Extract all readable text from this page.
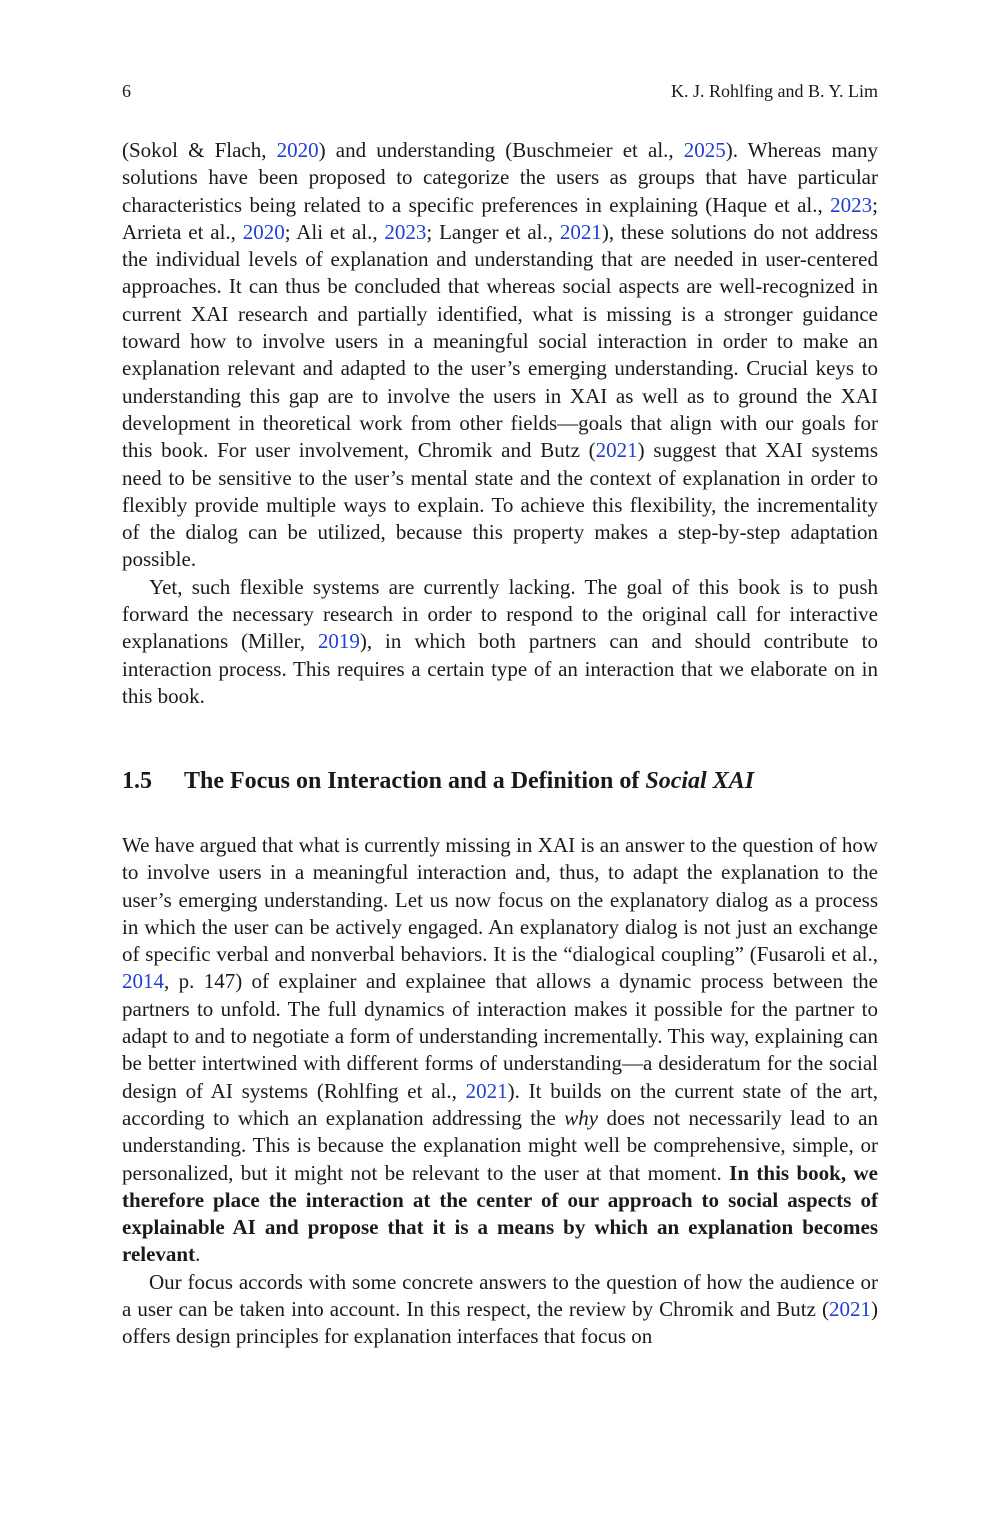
6	K. J. Rohlfing and B. Y. Lim

(Sokol & Flach, 2020) and understanding (Buschmeier et al., 2025). Whereas many solutions have been proposed to categorize the users as groups that have particular characteristics being related to a specific preferences in explaining (Haque et al., 2023; Arrieta et al., 2020; Ali et al., 2023; Langer et al., 2021), these solutions do not address the individual levels of explanation and understanding that are needed in user-centered approaches. It can thus be concluded that whereas social aspects are well-recognized in current XAI research and partially identified, what is missing is a stronger guidance toward how to involve users in a meaningful social interaction in order to make an explanation relevant and adapted to the user’s emerging understanding. Crucial keys to understanding this gap are to involve the users in XAI as well as to ground the XAI development in theoretical work from other fields—goals that align with our goals for this book. For user involvement, Chromik and Butz (2021) suggest that XAI systems need to be sensitive to the user’s mental state and the context of explanation in order to flexibly provide multiple ways to explain. To achieve this flexibility, the incrementality of the dialog can be utilized, because this property makes a step-by-step adaptation possible.

Yet, such flexible systems are currently lacking. The goal of this book is to push forward the necessary research in order to respond to the original call for interactive explanations (Miller, 2019), in which both partners can and should contribute to interaction process. This requires a certain type of an interaction that we elaborate on in this book.

1.5 The Focus on Interaction and a Definition of Social XAI

We have argued that what is currently missing in XAI is an answer to the question of how to involve users in a meaningful interaction and, thus, to adapt the explanation to the user’s emerging understanding. Let us now focus on the explanatory dialog as a process in which the user can be actively engaged. An explanatory dialog is not just an exchange of specific verbal and nonverbal behaviors. It is the “dialogical coupling” (Fusaroli et al., 2014, p. 147) of explainer and explainee that allows a dynamic process between the partners to unfold. The full dynamics of interaction makes it possible for the partner to adapt to and to negotiate a form of understanding incrementally. This way, explaining can be better intertwined with different forms of understanding—a desideratum for the social design of AI systems (Rohlfing et al., 2021). It builds on the current state of the art, according to which an explanation addressing the why does not necessarily lead to an understanding. This is because the explanation might well be comprehensive, simple, or personalized, but it might not be relevant to the user at that moment. In this book, we therefore place the interaction at the center of our approach to social aspects of explainable AI and propose that it is a means by which an explanation becomes relevant.

Our focus accords with some concrete answers to the question of how the audience or a user can be taken into account. In this respect, the review by Chromik and Butz (2021) offers design principles for explanation interfaces that focus on
